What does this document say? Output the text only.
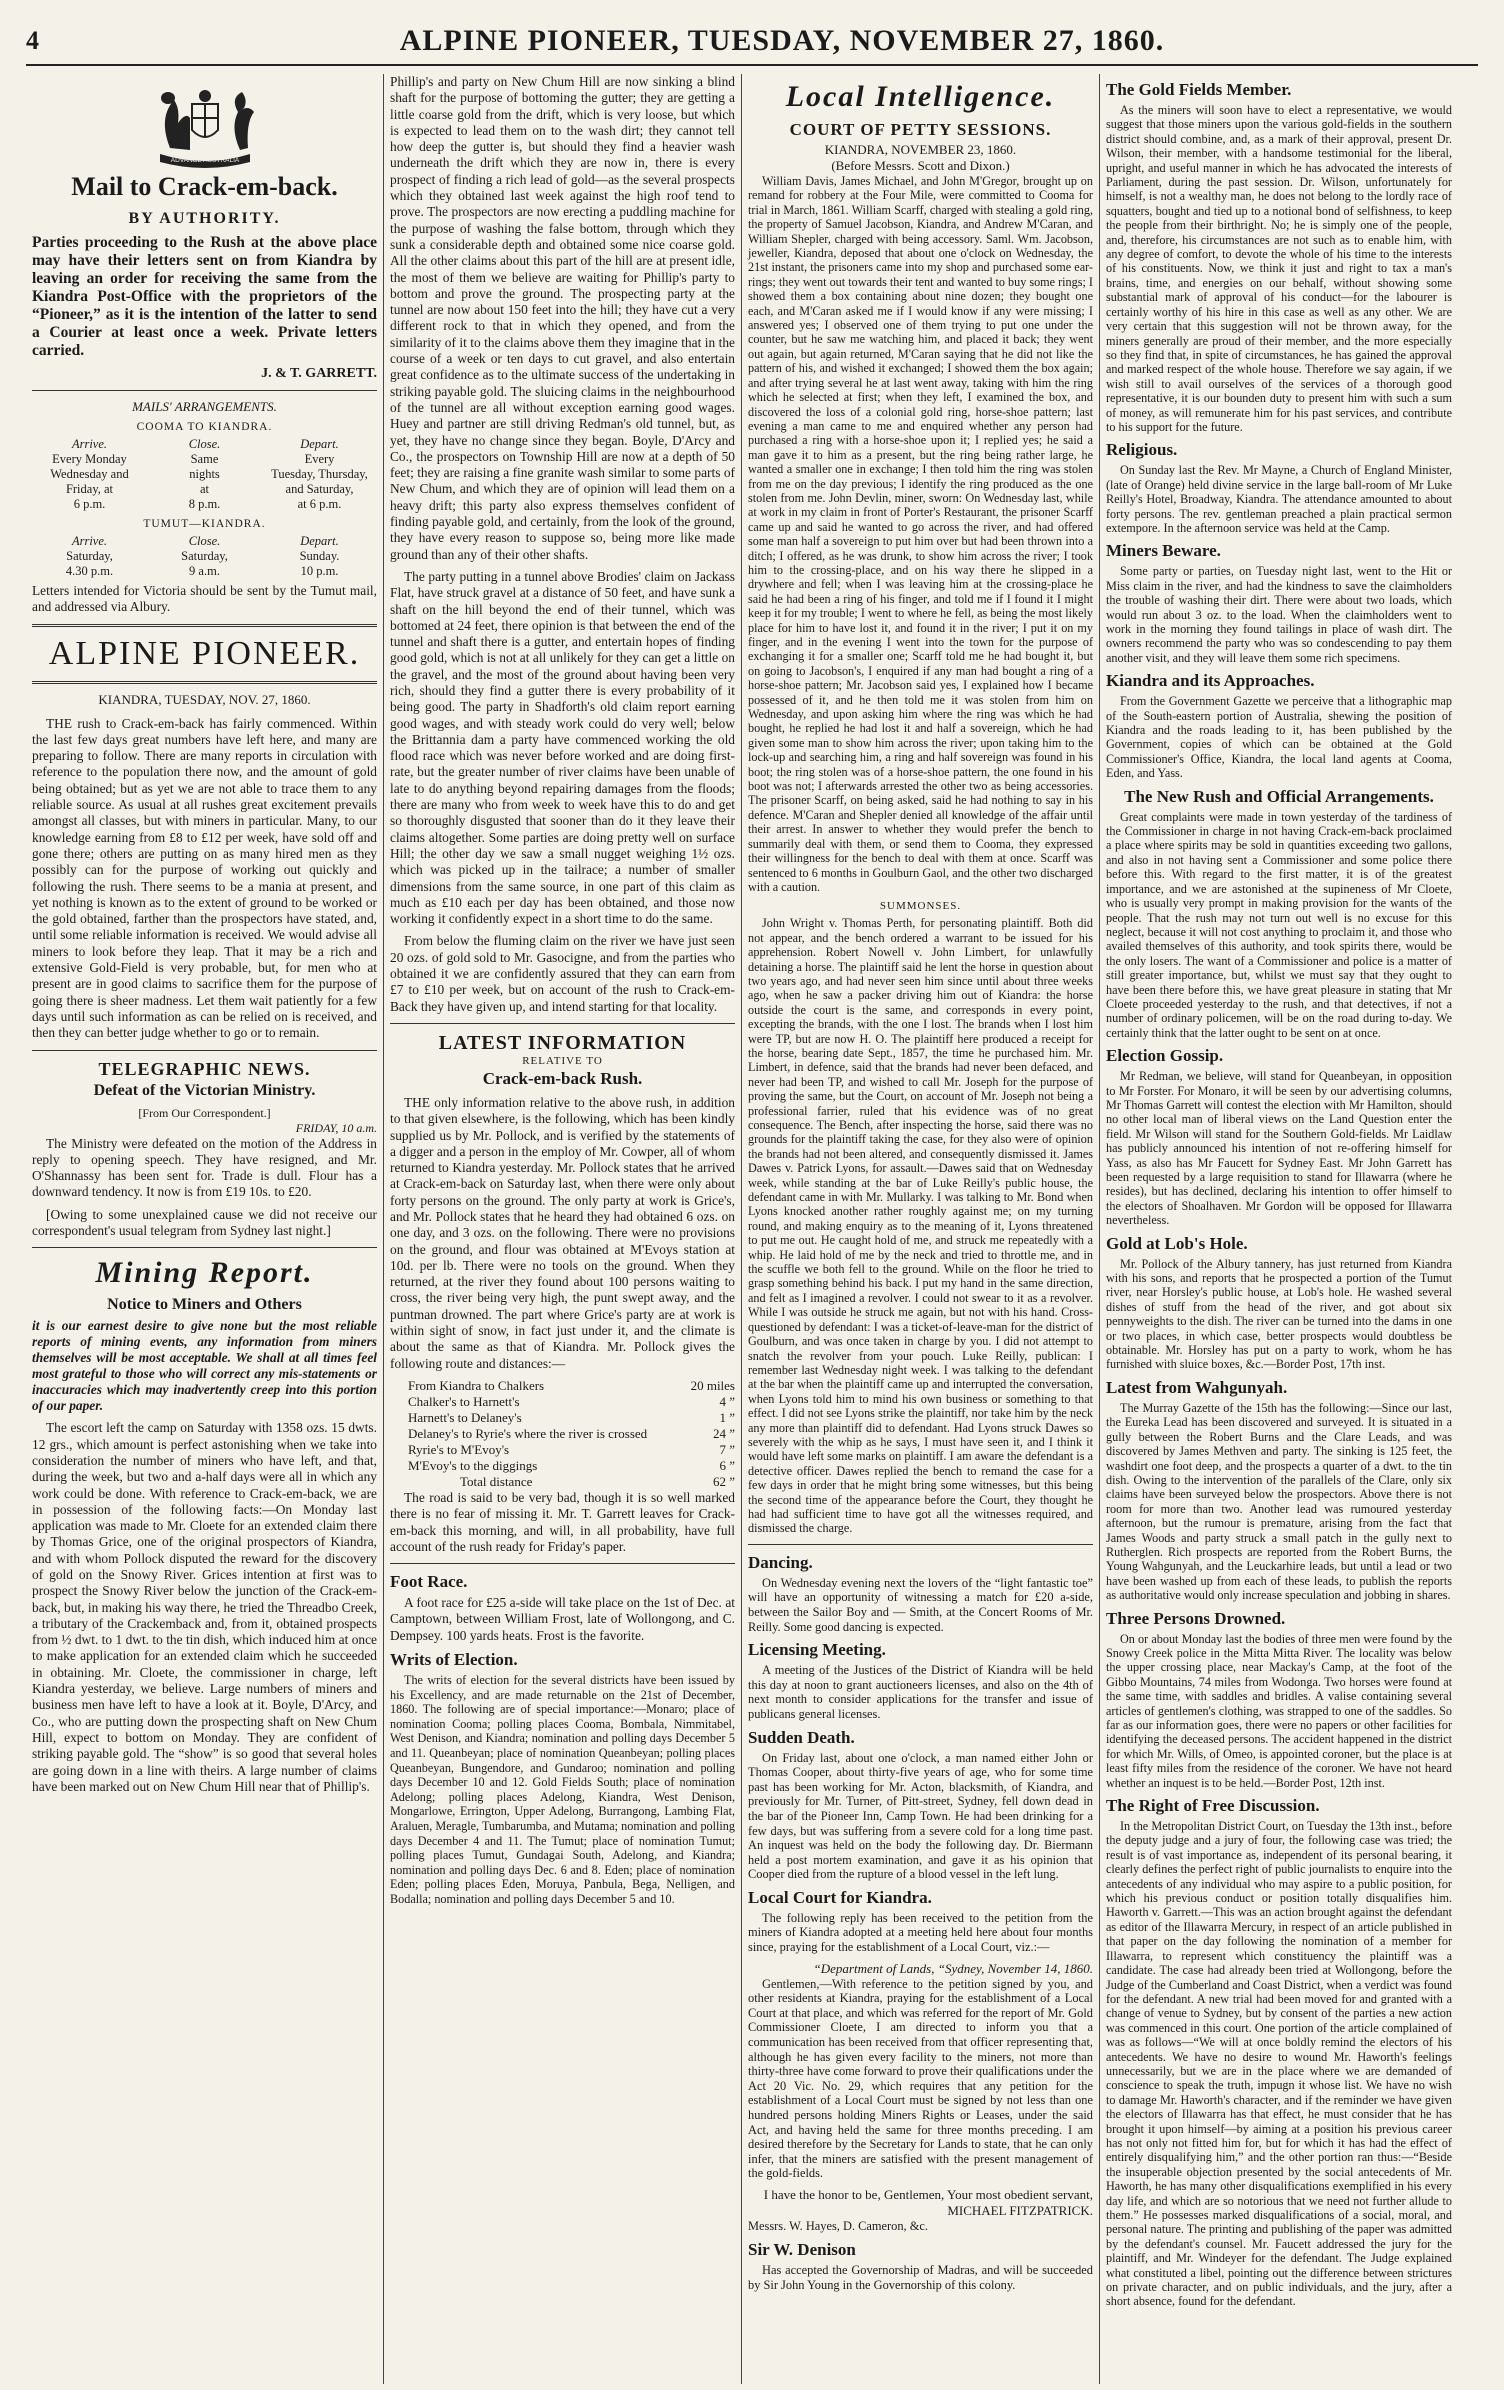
4	ALPINE PIONEER, TUESDAY, NOVEMBER 27, 1860.
ADVANCE AUSTRALIA
Mail to Crack-em-back.
BY AUTHORITY.

Parties proceeding to the Rush at the above place may have their letters sent on from Kiandra by leaving an order for receiving the same from the Kiandra Post-Office with the proprietors of the “Pioneer,” as it is the intention of the latter to send a Courier at least once a week. Private letters carried.

J. & T. GARRETT.
MAILS' ARRANGEMENTS.
COOMA TO KIANDRA.
Arrive.	Close.	Depart.
Every Monday	Same	Every
Wednesday and	nights	Tuesday, Thursday,
Friday, at	at	and Saturday,
6 p.m.	8 p.m.	at 6 p.m.
TUMUT—KIANDRA.
Arrive.	Close.	Depart.
Saturday,	Saturday,	Sunday.
4.30 p.m.	9 a.m.	10 p.m.

Letters intended for Victoria should be sent by the Tumut mail, and addressed via Albury.

ALPINE PIONEER.
KIANDRA, TUESDAY, NOV. 27, 1860.

THE rush to Crack-em-back has fairly commenced. Within the last few days great numbers have left here, and many are preparing to follow. There are many reports in circulation with reference to the population there now, and the amount of gold being obtained; but as yet we are not able to trace them to any reliable source. As usual at all rushes great excitement prevails amongst all classes, but with miners in particular. Many, to our knowledge earning from £8 to £12 per week, have sold off and gone there; others are putting on as many hired men as they possibly can for the purpose of working out quickly and following the rush. There seems to be a mania at present, and yet nothing is known as to the extent of ground to be worked or the gold obtained, farther than the prospectors have stated, and, until some reliable information is received. We would advise all miners to look before they leap. That it may be a rich and extensive Gold-Field is very probable, but, for men who at present are in good claims to sacrifice them for the purpose of going there is sheer madness. Let them wait patiently for a few days until such information as can be relied on is received, and then they can better judge whether to go or to remain.

TELEGRAPHIC NEWS.
Defeat of the Victorian Ministry.
[From Our Correspondent.]
FRIDAY, 10 a.m.

The Ministry were defeated on the motion of the Address in reply to opening speech. They have resigned, and Mr. O'Shannassy has been sent for. Trade is dull. Flour has a downward tendency. It now is from £19 10s. to £20.

[Owing to some unexplained cause we did not receive our correspondent's usual telegram from Sydney last night.]

Mining Report.
Notice to Miners and Others

it is our earnest desire to give none but the most reliable reports of mining events, any information from miners themselves will be most acceptable. We shall at all times feel most grateful to those who will correct any mis-statements or inaccuracies which may inadvertently creep into this portion of our paper.

The escort left the camp on Saturday with 1358 ozs. 15 dwts. 12 grs., which amount is perfect astonishing when we take into consideration the number of miners who have left, and that, during the week, but two and a-half days were all in which any work could be done. With reference to Crack-em-back, we are in possession of the following facts:—On Monday last application was made to Mr. Cloete for an extended claim there by Thomas Grice, one of the original prospectors of Kiandra, and with whom Pollock disputed the reward for the discovery of gold on the Snowy River. Grices intention at first was to prospect the Snowy River below the junction of the Crack-em-back, but, in making his way there, he tried the Threadbo Creek, a tributary of the Crackemback and, from it, obtained prospects from ½ dwt. to 1 dwt. to the tin dish, which induced him at once to make application for an extended claim which he succeeded in obtaining. Mr. Cloete, the commissioner in charge, left Kiandra yesterday, we believe. Large numbers of miners and business men have left to have a look at it. Boyle, D'Arcy, and Co., who are putting down the prospecting shaft on New Chum Hill, expect to bottom on Monday. They are confident of striking payable gold. The “show” is so good that several holes are going down in a line with theirs. A large number of claims have been marked out on New Chum Hill near that of Phillip's.

Phillip's and party on New Chum Hill are now sinking a blind shaft for the purpose of bottoming the gutter; they are getting a little coarse gold from the drift, which is very loose, but which is expected to lead them on to the wash dirt; they cannot tell how deep the gutter is, but should they find a heavier wash underneath the drift which they are now in, there is every prospect of finding a rich lead of gold—as the several prospects which they obtained last week against the high roof tend to prove. The prospectors are now erecting a puddling machine for the purpose of washing the false bottom, through which they sunk a considerable depth and obtained some nice coarse gold. All the other claims about this part of the hill are at present idle, the most of them we believe are waiting for Phillip's party to bottom and prove the ground. The prospecting party at the tunnel are now about 150 feet into the hill; they have cut a very different rock to that in which they opened, and from the similarity of it to the claims above them they imagine that in the course of a week or ten days to cut gravel, and also entertain great confidence as to the ultimate success of the undertaking in striking payable gold. The sluicing claims in the neighbourhood of the tunnel are all without exception earning good wages. Huey and partner are still driving Redman's old tunnel, but, as yet, they have no change since they began. Boyle, D'Arcy and Co., the prospectors on Township Hill are now at a depth of 50 feet; they are raising a fine granite wash similar to some parts of New Chum, and which they are of opinion will lead them on a heavy drift; this party also express themselves confident of finding payable gold, and certainly, from the look of the ground, they have every reason to suppose so, being more like made ground than any of their other shafts.

The party putting in a tunnel above Brodies' claim on Jackass Flat, have struck gravel at a distance of 50 feet, and have sunk a shaft on the hill beyond the end of their tunnel, which was bottomed at 24 feet, there opinion is that between the end of the tunnel and shaft there is a gutter, and entertain hopes of finding good gold, which is not at all unlikely for they can get a little on the gravel, and the most of the ground about having been very rich, should they find a gutter there is every probability of it being good. The party in Shadforth's old claim report earning good wages, and with steady work could do very well; below the Brittannia dam a party have commenced working the old flood race which was never before worked and are doing first-rate, but the greater number of river claims have been unable of late to do anything beyond repairing damages from the floods; there are many who from week to week have this to do and get so thoroughly disgusted that sooner than do it they leave their claims altogether. Some parties are doing pretty well on surface Hill; the other day we saw a small nugget weighing 1½ ozs. which was picked up in the tailrace; a number of smaller dimensions from the same source, in one part of this claim as much as £10 each per day has been obtained, and those now working it confidently expect in a short time to do the same.

From below the fluming claim on the river we have just seen 20 ozs. of gold sold to Mr. Gasocigne, and from the parties who obtained it we are confidently assured that they can earn from £7 to £10 per week, but on account of the rush to Crack-em-Back they have given up, and intend starting for that locality.

LATEST INFORMATION
RELATIVE TO
Crack-em-back Rush.

THE only information relative to the above rush, in addition to that given elsewhere, is the following, which has been kindly supplied us by Mr. Pollock, and is verified by the statements of a digger and a person in the employ of Mr. Cowper, all of whom returned to Kiandra yesterday. Mr. Pollock states that he arrived at Crack-em-back on Saturday last, when there were only about forty persons on the ground. The only party at work is Grice's, and Mr. Pollock states that he heard they had obtained 6 ozs. on one day, and 3 ozs. on the following. There were no provisions on the ground, and flour was obtained at M'Evoys station at 10d. per lb. There were no tools on the ground. When they returned, at the river they found about 100 persons waiting to cross, the river being very high, the punt swept away, and the puntman drowned. The part where Grice's party are at work is within sight of snow, in fact just under it, and the climate is about the same as that of Kiandra. Mr. Pollock gives the following route and distances:—

From Kiandra to Chalkers	20 miles
Chalker's to Harnett's	4 ”
Harnett's to Delaney's	1 ”
Delaney's to Ryrie's where the river is crossed	24 ”
Ryrie's to M'Evoy's	7 ”
M'Evoy's to the diggings	6 ”
Total distance	62 ”

The road is said to be very bad, though it is so well marked there is no fear of missing it. Mr. T. Garrett leaves for Crack-em-back this morning, and will, in all probability, have full account of the rush ready for Friday's paper.

Foot Race.

A foot race for £25 a-side will take place on the 1st of Dec. at Camptown, between William Frost, late of Wollongong, and C. Dempsey. 100 yards heats. Frost is the favorite.

Writs of Election.

The writs of election for the several districts have been issued by his Excellency, and are made returnable on the 21st of December, 1860. The following are of special importance:—Monaro; place of nomination Cooma; polling places Cooma, Bombala, Nimmitabel, West Denison, and Kiandra; nomination and polling days December 5 and 11. Queanbeyan; place of nomination Queanbeyan; polling places Queanbeyan, Bungendore, and Gundaroo; nomination and polling days December 10 and 12. Gold Fields South; place of nomination Adelong; polling places Adelong, Kiandra, West Denison, Mongarlowe, Errington, Upper Adelong, Burrangong, Lambing Flat, Araluen, Meragle, Tumbarumba, and Mutama; nomination and polling days December 4 and 11. The Tumut; place of nomination Tumut; polling places Tumut, Gundagai South, Adelong, and Kiandra; nomination and polling days Dec. 6 and 8. Eden; place of nomination Eden; polling places Eden, Moruya, Panbula, Bega, Nelligen, and Bodalla; nomination and polling days December 5 and 10.

Local Intelligence.
COURT OF PETTY SESSIONS.
KIANDRA, NOVEMBER 23, 1860.
(Before Messrs. Scott and Dixon.)

William Davis, James Michael, and John M'Gregor, brought up on remand for robbery at the Four Mile, were committed to Cooma for trial in March, 1861. William Scarff, charged with stealing a gold ring, the property of Samuel Jacobson, Kiandra, and Andrew M'Caran, and William Shepler, charged with being accessory. Saml. Wm. Jacobson, jeweller, Kiandra, deposed that about one o'clock on Wednesday, the 21st instant, the prisoners came into my shop and purchased some ear-rings; they went out towards their tent and wanted to buy some rings; I showed them a box containing about nine dozen; they bought one each, and M'Caran asked me if I would know if any were missing; I answered yes; I observed one of them trying to put one under the counter, but he saw me watching him, and placed it back; they went out again, but again returned, M'Caran saying that he did not like the pattern of his, and wished it exchanged; I showed them the box again; and after trying several he at last went away, taking with him the ring which he selected at first; when they left, I examined the box, and discovered the loss of a colonial gold ring, horse-shoe pattern; last evening a man came to me and enquired whether any person had purchased a ring with a horse-shoe upon it; I replied yes; he said a man gave it to him as a present, but the ring being rather large, he wanted a smaller one in exchange; I then told him the ring was stolen from me on the day previous; I identify the ring produced as the one stolen from me. John Devlin, miner, sworn: On Wednesday last, while at work in my claim in front of Porter's Restaurant, the prisoner Scarff came up and said he wanted to go across the river, and had offered some man half a sovereign to put him over but had been thrown into a ditch; I offered, as he was drunk, to show him across the river; I took him to the crossing-place, and on his way there he slipped in a drywhere and fell; when I was leaving him at the crossing-place he said he had been a ring of his finger, and told me if I found it I might keep it for my trouble; I went to where he fell, as being the most likely place for him to have lost it, and found it in the river; I put it on my finger, and in the evening I went into the town for the purpose of exchanging it for a smaller one; Scarff told me he had bought it, but on going to Jacobson's, I enquired if any man had bought a ring of a horse-shoe pattern; Mr. Jacobson said yes, I explained how I became possessed of it, and he then told me it was stolen from him on Wednesday, and upon asking him where the ring was which he had bought, he replied he had lost it and half a sovereign, which he had given some man to show him across the river; upon taking him to the lock-up and searching him, a ring and half sovereign was found in his boot; the ring stolen was of a horse-shoe pattern, the one found in his boot was not; I afterwards arrested the other two as being accessories. The prisoner Scarff, on being asked, said he had nothing to say in his defence. M'Caran and Shepler denied all knowledge of the affair until their arrest. In answer to whether they would prefer the bench to summarily deal with them, or send them to Cooma, they expressed their willingness for the bench to deal with them at once. Scarff was sentenced to 6 months in Goulburn Gaol, and the other two discharged with a caution.

SUMMONSES.

John Wright v. Thomas Perth, for personating plaintiff. Both did not appear, and the bench ordered a warrant to be issued for his apprehension. Robert Nowell v. John Limbert, for unlawfully detaining a horse. The plaintiff said he lent the horse in question about two years ago, and had never seen him since until about three weeks ago, when he saw a packer driving him out of Kiandra: the horse outside the court is the same, and corresponds in every point, excepting the brands, with the one I lost. The brands when I lost him were TP, but are now H. O. The plaintiff here produced a receipt for the horse, bearing date Sept., 1857, the time he purchased him. Mr. Limbert, in defence, said that the brands had never been defaced, and never had been TP, and wished to call Mr. Joseph for the purpose of proving the same, but the Court, on account of Mr. Joseph not being a professional farrier, ruled that his evidence was of no great consequence. The Bench, after inspecting the horse, said there was no grounds for the plaintiff taking the case, for they also were of opinion the brands had not been altered, and consequently dismissed it. James Dawes v. Patrick Lyons, for assault.—Dawes said that on Wednesday week, while standing at the bar of Luke Reilly's public house, the defendant came in with Mr. Mullarky. I was talking to Mr. Bond when Lyons knocked another rather roughly against me; on my turning round, and making enquiry as to the meaning of it, Lyons threatened to put me out. He caught hold of me, and struck me repeatedly with a whip. He laid hold of me by the neck and tried to throttle me, and in the scuffle we both fell to the ground. While on the floor he tried to grasp something behind his back. I put my hand in the same direction, and felt as I imagined a revolver. I could not swear to it as a revolver. While I was outside he struck me again, but not with his hand. Cross-questioned by defendant: I was a ticket-of-leave-man for the district of Goulburn, and was once taken in charge by you. I did not attempt to snatch the revolver from your pouch. Luke Reilly, publican: I remember last Wednesday night week. I was talking to the defendant at the bar when the plaintiff came up and interrupted the conversation, when Lyons told him to mind his own business or something to that effect. I did not see Lyons strike the plaintiff, nor take him by the neck any more than plaintiff did to defendant. Had Lyons struck Dawes so severely with the whip as he says, I must have seen it, and I think it would have left some marks on plaintiff. I am aware the defendant is a detective officer. Dawes replied the bench to remand the case for a few days in order that he might bring some witnesses, but this being the second time of the appearance before the Court, they thought he had had sufficient time to have got all the witnesses required, and dismissed the charge.

Dancing.

On Wednesday evening next the lovers of the “light fantastic toe” will have an opportunity of witnessing a match for £20 a-side, between the Sailor Boy and — Smith, at the Concert Rooms of Mr. Reilly. Some good dancing is expected.

Licensing Meeting.

A meeting of the Justices of the District of Kiandra will be held this day at noon to grant auctioneers licenses, and also on the 4th of next month to consider applications for the transfer and issue of publicans general licenses.

Sudden Death.

On Friday last, about one o'clock, a man named either John or Thomas Cooper, about thirty-five years of age, who for some time past has been working for Mr. Acton, blacksmith, of Kiandra, and previously for Mr. Turner, of Pitt-street, Sydney, fell down dead in the bar of the Pioneer Inn, Camp Town. He had been drinking for a few days, but was suffering from a severe cold for a long time past. An inquest was held on the body the following day. Dr. Biermann held a post mortem examination, and gave it as his opinion that Cooper died from the rupture of a blood vessel in the left lung.

Local Court for Kiandra.

The following reply has been received to the petition from the miners of Kiandra adopted at a meeting held here about four months since, praying for the establishment of a Local Court, viz.:—

“Department of Lands, “Sydney, November 14, 1860.

Gentlemen,—With reference to the petition signed by you, and other residents at Kiandra, praying for the establishment of a Local Court at that place, and which was referred for the report of Mr. Gold Commissioner Cloete, I am directed to inform you that a communication has been received from that officer representing that, although he has given every facility to the miners, not more than thirty-three have come forward to prove their qualifications under the Act 20 Vic. No. 29, which requires that any petition for the establishment of a Local Court must be signed by not less than one hundred persons holding Miners Rights or Leases, under the said Act, and having held the same for three months preceding. I am desired therefore by the Secretary for Lands to state, that he can only infer, that the miners are satisfied with the present management of the gold-fields.

I have the honor to be, Gentlemen, Your most obedient servant, MICHAEL FITZPATRICK.
Messrs. W. Hayes, D. Cameron, &c.
Sir W. Denison

Has accepted the Governorship of Madras, and will be succeeded by Sir John Young in the Governorship of this colony.

The Gold Fields Member.

As the miners will soon have to elect a representative, we would suggest that those miners upon the various gold-fields in the southern district should combine, and, as a mark of their approval, present Dr. Wilson, their member, with a handsome testimonial for the liberal, upright, and useful manner in which he has advocated the interests of Parliament, during the past session. Dr. Wilson, unfortunately for himself, is not a wealthy man, he does not belong to the lordly race of squatters, bought and tied up to a notional bond of selfishness, to keep the people from their birthright. No; he is simply one of the people, and, therefore, his circumstances are not such as to enable him, with any degree of comfort, to devote the whole of his time to the interests of his constituents. Now, we think it just and right to tax a man's brains, time, and energies on our behalf, without showing some substantial mark of approval of his conduct—for the labourer is certainly worthy of his hire in this case as well as any other. We are very certain that this suggestion will not be thrown away, for the miners generally are proud of their member, and the more especially so they find that, in spite of circumstances, he has gained the approval and marked respect of the whole house. Therefore we say again, if we wish still to avail ourselves of the services of a thorough good representative, it is our bounden duty to present him with such a sum of money, as will remunerate him for his past services, and contribute to his support for the future.

Religious.

On Sunday last the Rev. Mr Mayne, a Church of England Minister, (late of Orange) held divine service in the large ball-room of Mr Luke Reilly's Hotel, Broadway, Kiandra. The attendance amounted to about forty persons. The rev. gentleman preached a plain practical sermon extempore. In the afternoon service was held at the Camp.

Miners Beware.

Some party or parties, on Tuesday night last, went to the Hit or Miss claim in the river, and had the kindness to save the claimholders the trouble of washing their dirt. There were about two loads, which would run about 3 oz. to the load. When the claimholders went to work in the morning they found tailings in place of wash dirt. The owners recommend the party who was so condescending to pay them another visit, and they will leave them some rich specimens.

Kiandra and its Approaches.

From the Government Gazette we perceive that a lithographic map of the South-eastern portion of Australia, shewing the position of Kiandra and the roads leading to it, has been published by the Government, copies of which can be obtained at the Gold Commissioner's Office, Kiandra, the local land agents at Cooma, Eden, and Yass.

The New Rush and Official Arrangements.

Great complaints were made in town yesterday of the tardiness of the Commissioner in charge in not having Crack-em-back proclaimed a place where spirits may be sold in quantities exceeding two gallons, and also in not having sent a Commissioner and some police there before this. With regard to the first matter, it is of the greatest importance, and we are astonished at the supineness of Mr Cloete, who is usually very prompt in making provision for the wants of the people. That the rush may not turn out well is no excuse for this neglect, because it will not cost anything to proclaim it, and those who availed themselves of this authority, and took spirits there, would be the only losers. The want of a Commissioner and police is a matter of still greater importance, but, whilst we must say that they ought to have been there before this, we have great pleasure in stating that Mr Cloete proceeded yesterday to the rush, and that detectives, if not a number of ordinary policemen, will be on the road during to-day. We certainly think that the latter ought to be sent on at once.

Election Gossip.

Mr Redman, we believe, will stand for Queanbeyan, in opposition to Mr Forster. For Monaro, it will be seen by our advertising columns, Mr Thomas Garrett will contest the election with Mr Hamilton, should no other local man of liberal views on the Land Question enter the field. Mr Wilson will stand for the Southern Gold-fields. Mr Laidlaw has publicly announced his intention of not re-offering himself for Yass, as also has Mr Faucett for Sydney East. Mr John Garrett has been requested by a large requisition to stand for Illawarra (where he resides), but has declined, declaring his intention to offer himself to the electors of Shoalhaven. Mr Gordon will be opposed for Illawarra nevertheless.

Gold at Lob's Hole.

Mr. Pollock of the Albury tannery, has just returned from Kiandra with his sons, and reports that he prospected a portion of the Tumut river, near Horsley's public house, at Lob's hole. He washed several dishes of stuff from the head of the river, and got about six pennyweights to the dish. The river can be turned into the dams in one or two places, in which case, better prospects would doubtless be obtainable. Mr. Horsley has put on a party to work, whom he has furnished with sluice boxes, &c.—Border Post, 17th inst.

Latest from Wahgunyah.

The Murray Gazette of the 15th has the following:—Since our last, the Eureka Lead has been discovered and surveyed. It is situated in a gully between the Robert Burns and the Clare Leads, and was discovered by James Methven and party. The sinking is 125 feet, the washdirt one foot deep, and the prospects a quarter of a dwt. to the tin dish. Owing to the intervention of the parallels of the Clare, only six claims have been surveyed below the prospectors. Above there is not room for more than two. Another lead was rumoured yesterday afternoon, but the rumour is premature, arising from the fact that James Woods and party struck a small patch in the gully next to Rutherglen. Rich prospects are reported from the Robert Burns, the Young Wahgunyah, and the Leuckarhire leads, but until a lead or two have been washed up from each of these leads, to publish the reports as authoritative would only increase speculation and jobbing in shares.

Three Persons Drowned.

On or about Monday last the bodies of three men were found by the Snowy Creek police in the Mitta Mitta River. The locality was below the upper crossing place, near Mackay's Camp, at the foot of the Gibbo Mountains, 74 miles from Wodonga. Two horses were found at the same time, with saddles and bridles. A valise containing several articles of gentlemen's clothing, was strapped to one of the saddles. So far as our information goes, there were no papers or other facilities for identifying the deceased persons. The accident happened in the district for which Mr. Wills, of Omeo, is appointed coroner, but the place is at least fifty miles from the residence of the coroner. We have not heard whether an inquest is to be held.—Border Post, 12th inst.

The Right of Free Discussion.

In the Metropolitan District Court, on Tuesday the 13th inst., before the deputy judge and a jury of four, the following case was tried; the result is of vast importance as, independent of its personal bearing, it clearly defines the perfect right of public journalists to enquire into the antecedents of any individual who may aspire to a public position, for which his previous conduct or position totally disqualifies him. Haworth v. Garrett.—This was an action brought against the defendant as editor of the Illawarra Mercury, in respect of an article published in that paper on the day following the nomination of a member for Illawarra, to represent which constituency the plaintiff was a candidate. The case had already been tried at Wollongong, before the Judge of the Cumberland and Coast District, when a verdict was found for the defendant. A new trial had been moved for and granted with a change of venue to Sydney, but by consent of the parties a new action was commenced in this court. One portion of the article complained of was as follows—“We will at once boldly remind the electors of his antecedents. We have no desire to wound Mr. Haworth's feelings unnecessarily, but we are in the place where we are demanded of conscience to speak the truth, impugn it whose list. We have no wish to damage Mr. Haworth's character, and if the reminder we have given the electors of Illawarra has that effect, he must consider that he has brought it upon himself—by aiming at a position his previous career has not only not fitted him for, but for which it has had the effect of entirely disqualifying him,” and the other portion ran thus:—“Beside the insuperable objection presented by the social antecedents of Mr. Haworth, he has many other disqualifications exemplified in his every day life, and which are so notorious that we need not further allude to them.” He possesses marked disqualifications of a social, moral, and personal nature. The printing and publishing of the paper was admitted by the defendant's counsel. Mr. Faucett addressed the jury for the plaintiff, and Mr. Windeyer for the defendant. The Judge explained what constituted a libel, pointing out the difference between strictures on private character, and on public individuals, and the jury, after a short absence, found for the defendant.
